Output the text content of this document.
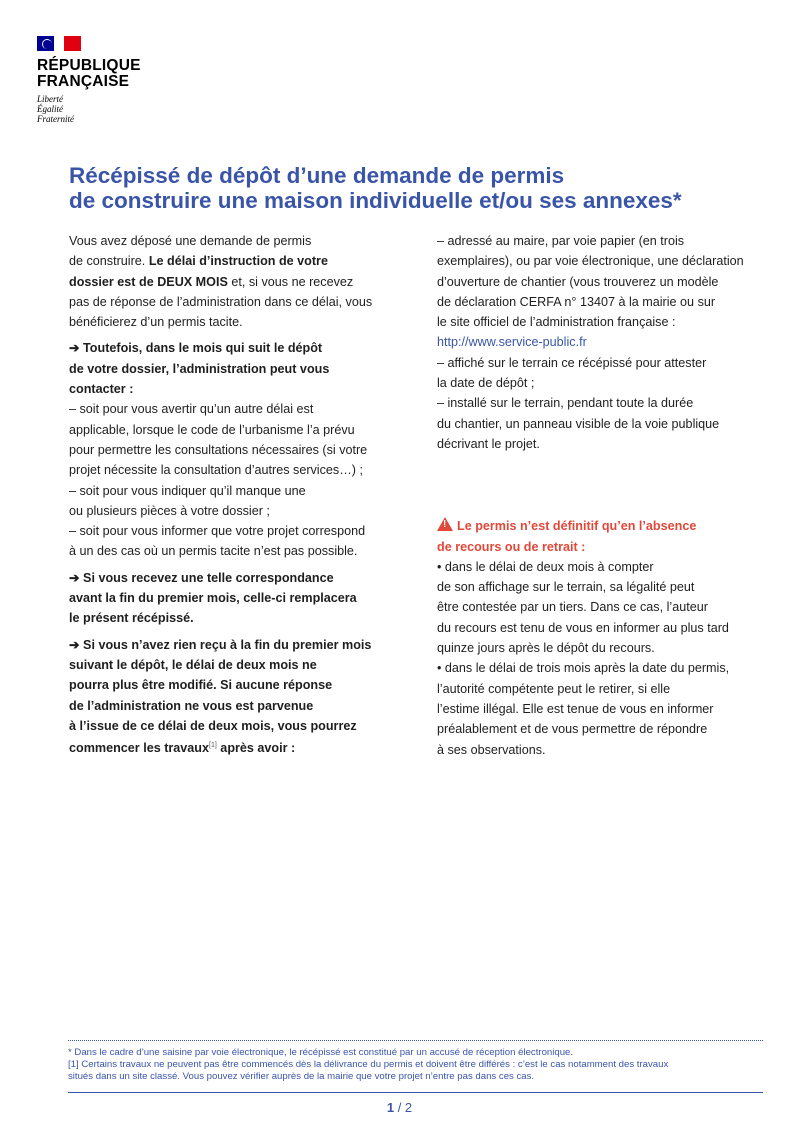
RÉPUBLIQUE
FRANÇAISE
Liberté
Égalité
Fraternité
Récépissé de dépôt d’une demande de permis
de construire une maison individuelle et/ou ses annexes*
Vous avez déposé une demande de permis
de construire. Le délai d’instruction de votre
dossier est de DEUX MOIS et, si vous ne recevez
pas de réponse de l’administration dans ce délai, vous
bénéficierez d’un permis tacite.
➔ Toutefois, dans le mois qui suit le dépôt
de votre dossier, l’administration peut vous
contacter :
– soit pour vous avertir qu’un autre délai est
applicable, lorsque le code de l’urbanisme l’a prévu
pour permettre les consultations nécessaires (si votre
projet nécessite la consultation d’autres services…) ;
– soit pour vous indiquer qu’il manque une
ou plusieurs pièces à votre dossier ;
– soit pour vous informer que votre projet correspond
à un des cas où un permis tacite n’est pas possible.
➔ Si vous recevez une telle correspondance
avant la fin du premier mois, celle-ci remplacera
le présent récépissé.
➔ Si vous n’avez rien reçu à la fin du premier mois
suivant le dépôt, le délai de deux mois ne
pourra plus être modifié. Si aucune réponse
de l’administration ne vous est parvenue
à l’issue de ce délai de deux mois, vous pourrez
commencer les travaux[1] après avoir :
– adressé au maire, par voie papier (en trois
exemplaires), ou par voie électronique, une déclaration
d’ouverture de chantier (vous trouverez un modèle
de déclaration CERFA n° 13407 à la mairie ou sur
le site officiel de l’administration française :
http://www.service-public.fr
– affiché sur le terrain ce récépissé pour attester
la date de dépôt ;
– installé sur le terrain, pendant toute la durée
du chantier, un panneau visible de la voie publique
décrivant le projet.
!Le permis n’est définitif qu’en l’absence
de recours ou de retrait :
• dans le délai de deux mois à compter
de son affichage sur le terrain, sa légalité peut
être contestée par un tiers. Dans ce cas, l’auteur
du recours est tenu de vous en informer au plus tard
quinze jours après le dépôt du recours.
• dans le délai de trois mois après la date du permis,
l’autorité compétente peut le retirer, si elle
l’estime illégal. Elle est tenue de vous en informer
préalablement et de vous permettre de répondre
à ses observations.
* Dans le cadre d’une saisine par voie électronique, le récépissé est constitué par un accusé de réception électronique.
[1] Certains travaux ne peuvent pas être commencés dès la délivrance du permis et doivent être différés : c’est le cas notamment des travaux
situés dans un site classé. Vous pouvez vérifier auprès de la mairie que votre projet n’entre pas dans ces cas.
1 / 2
